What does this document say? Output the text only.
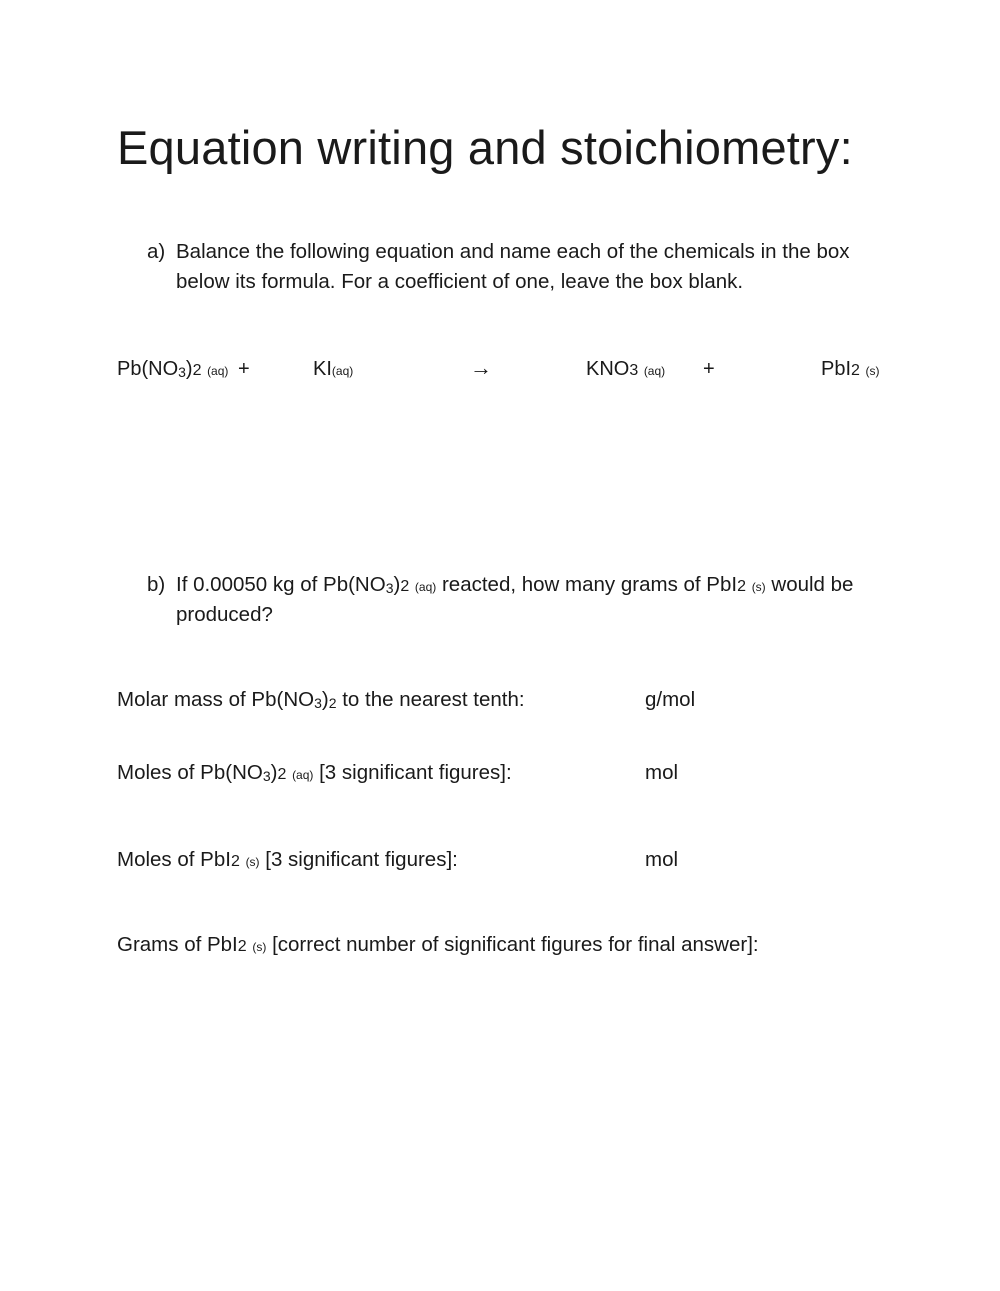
Equation writing and stoichiometry:
a) Balance the following equation and name each of the chemicals in the box
below its formula. For a coefficient of one, leave the box blank.
Pb(NO3)2 (aq) +	KI(aq)	→	KNO3 (aq) +	PbI2 (s)
b) If 0.00050 kg of Pb(NO3)2 (aq) reacted, how many grams of PbI2 (s) would be
produced?
Molar mass of Pb(NO3)2 to the nearest tenth:	g/mol
Moles of Pb(NO3)2 (aq) [3 significant figures]:	mol
Moles of PbI2 (s) [3 significant figures]:	mol
Grams of PbI2 (s) [correct number of significant figures for final answer]:
